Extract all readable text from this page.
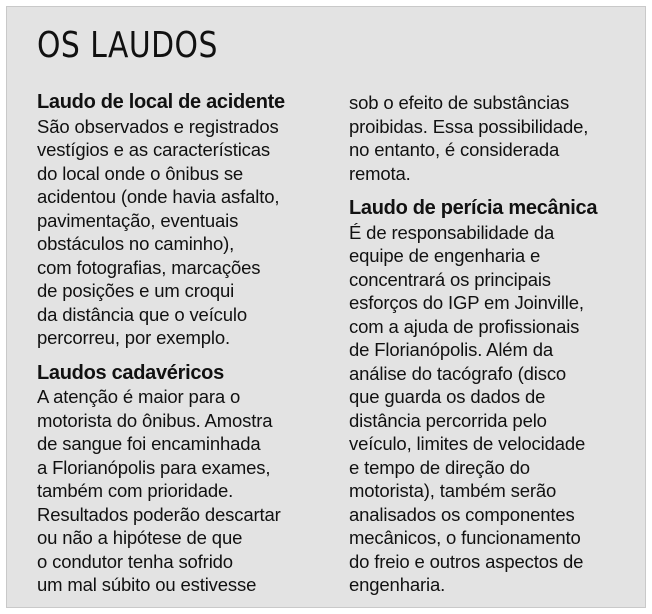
OS LAUDOS
Laudo de local de acidente
São observados e registrados
vestígios e as características
do local onde o ônibus se
acidentou (onde havia asfalto,
pavimentação, eventuais
obstáculos no caminho),
com fotografias, marcações
de posições e um croqui
da distância que o veículo
percorreu, por exemplo.
Laudos cadavéricos
A atenção é maior para o
motorista do ônibus. Amostra
de sangue foi encaminhada
a Florianópolis para exames,
também com prioridade.
Resultados poderão descartar
ou não a hipótese de que
o condutor tenha sofrido
um mal súbito ou estivesse
sob o efeito de substâncias
proibidas. Essa possibilidade,
no entanto, é considerada
remota.
Laudo de perícia mecânica
É de responsabilidade da
equipe de engenharia e
concentrará os principais
esforços do IGP em Joinville,
com a ajuda de profissionais
de Florianópolis. Além da
análise do tacógrafo (disco
que guarda os dados de
distância percorrida pelo
veículo, limites de velocidade
e tempo de direção do
motorista), também serão
analisados os componentes
mecânicos, o funcionamento
do freio e outros aspectos de
engenharia.
